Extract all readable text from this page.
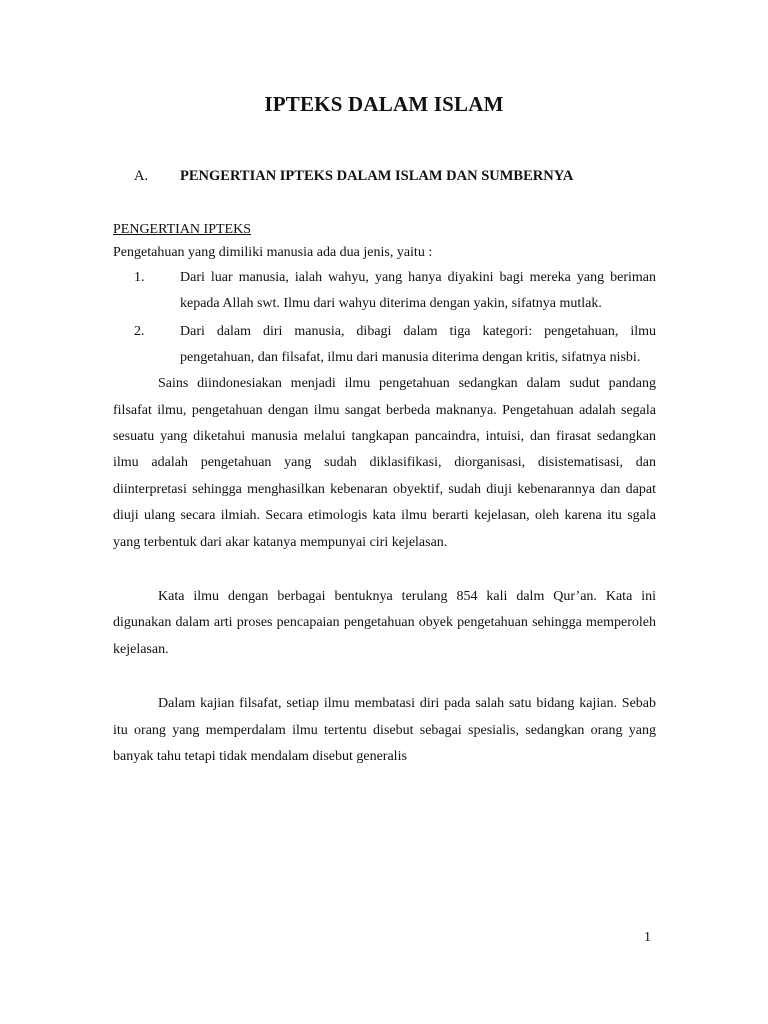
IPTEKS DALAM ISLAM
A. PENGERTIAN IPTEKS DALAM ISLAM DAN SUMBERNYA

PENGERTIAN IPTEKS

Pengetahuan yang dimiliki manusia ada dua jenis, yaitu :

1.	Dari luar manusia, ialah wahyu, yang hanya diyakini bagi mereka yang beriman kepada Allah swt. Ilmu dari wahyu diterima dengan yakin, sifatnya mutlak.
2.	Dari dalam diri manusia, dibagi dalam tiga kategori: pengetahuan, ilmu pengetahuan, dan filsafat, ilmu dari manusia diterima dengan kritis, sifatnya nisbi.

Sains diindonesiakan menjadi ilmu pengetahuan sedangkan dalam sudut pandang filsafat ilmu, pengetahuan dengan ilmu sangat berbeda maknanya. Pengetahuan adalah segala sesuatu yang diketahui manusia melalui tangkapan pancaindra, intuisi, dan firasat sedangkan ilmu adalah pengetahuan yang sudah diklasifikasi, diorganisasi, disistematisasi, dan diinterpretasi sehingga menghasilkan kebenaran obyektif, sudah diuji kebenarannya dan dapat diuji ulang secara ilmiah. Secara etimologis kata ilmu berarti kejelasan, oleh karena itu sgala yang terbentuk dari akar katanya mempunyai ciri kejelasan.

Kata ilmu dengan berbagai bentuknya terulang 854 kali dalm Qur’an. Kata ini digunakan dalam arti proses pencapaian pengetahuan obyek pengetahuan sehingga memperoleh kejelasan.

Dalam kajian filsafat, setiap ilmu membatasi diri pada salah satu bidang kajian. Sebab itu orang yang memperdalam ilmu tertentu disebut sebagai spesialis, sedangkan orang yang banyak tahu tetapi tidak mendalam disebut generalis

1
